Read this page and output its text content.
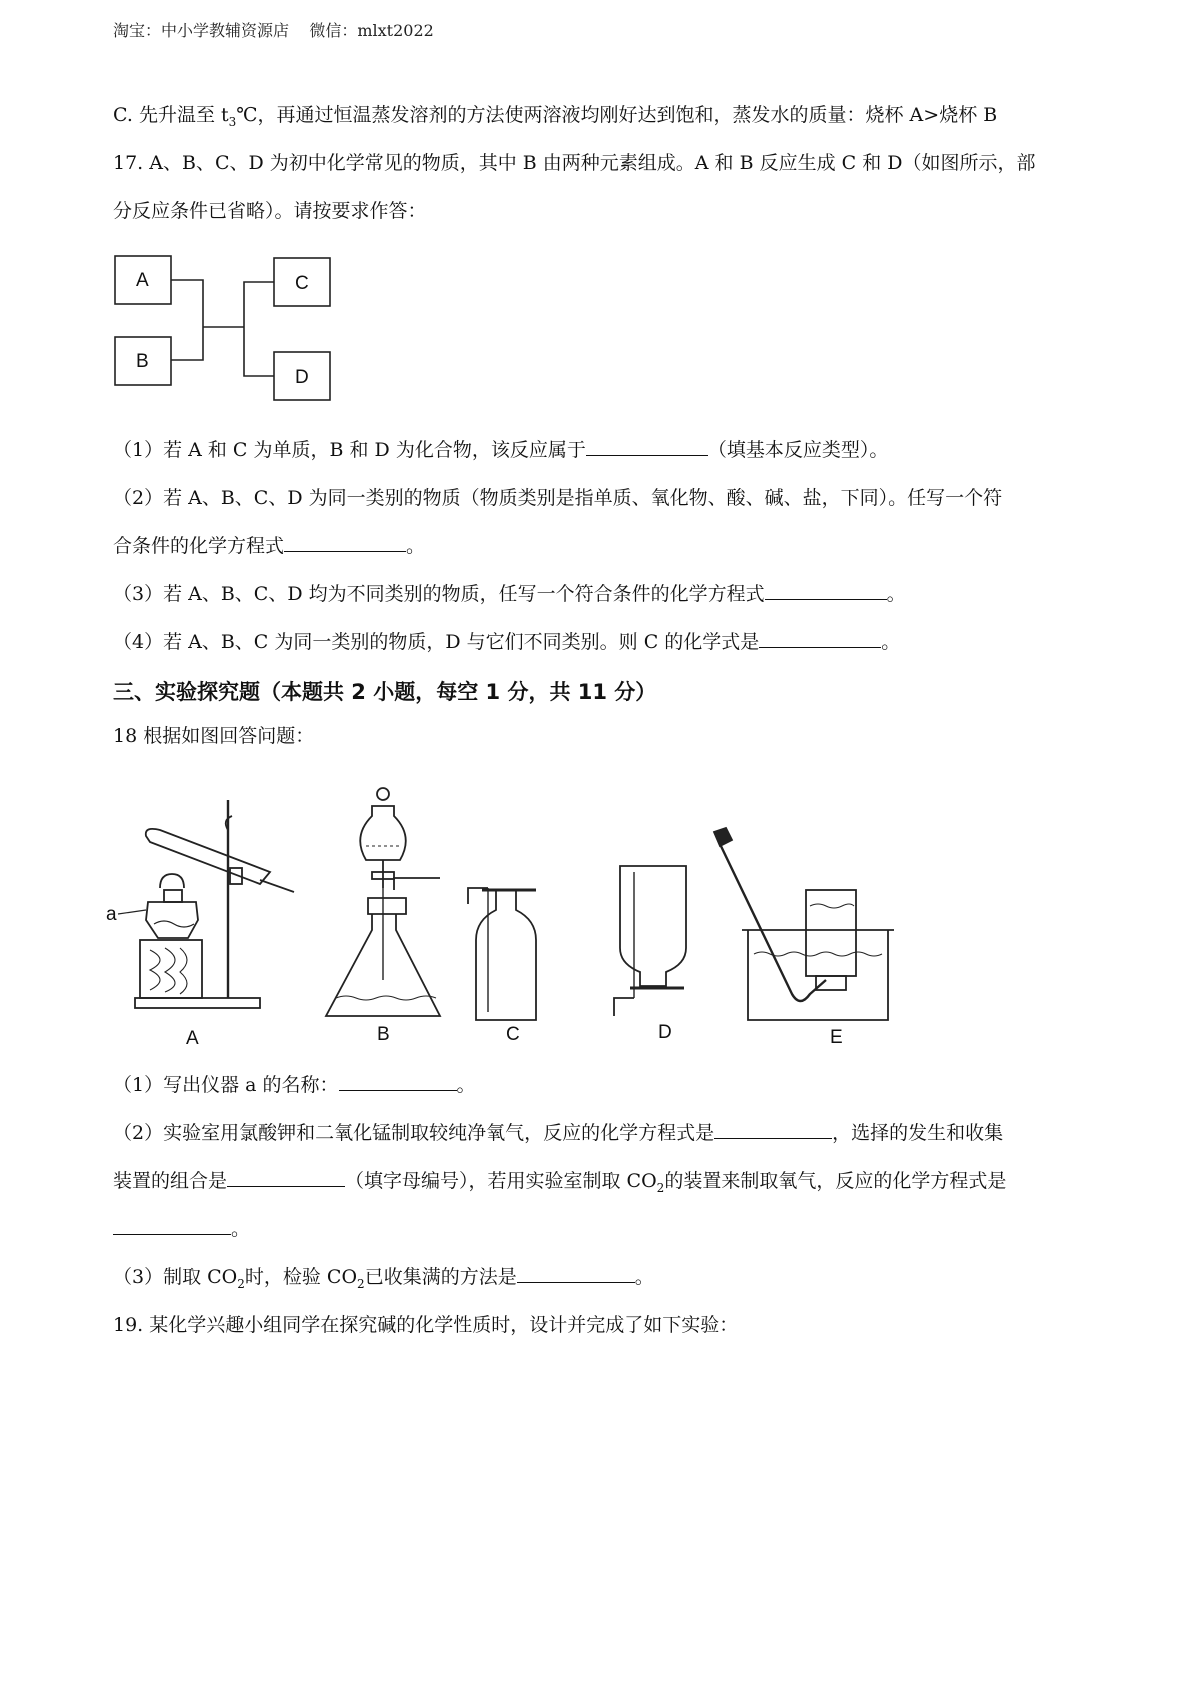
淘宝：中小学教辅资源店    微信：mlxt2022
C. 先升温至 $t_3℃$，再通过恒温蒸发溶剂的方法使两溶液均刚好达到饱和，蒸发水的质量：烧杯 A>烧杯 B
17. A、B、C、D 为初中化学常见的物质，其中 B 由两种元素组成。A 和 B 反应生成 C 和 D（如图所示，部
分反应条件已省略）。请按要求作答：
A
B
C
D
（1）若 A 和 C 为单质，B 和 D 为化合物，该反应属于	（填基本反应类型）。
（2）若 A、B、C、D 为同一类别的物质（物质类别是指单质、氧化物、酸、碱、盐，下同）。任写一个符
合条件的化学方程式	。
（3）若 A、B、C、D 均为不同类别的物质，任写一个符合条件的化学方程式	。
（4）若 A、B、C 为同一类别的物质，D 与它们不同类别。则 C 的化学式是	。
三、实验探究题（本题共 2 小题，每空 1 分，共 11 分）
18 根据如图回答问题：
a
A	B	C	D	E
（1）写出仪器 a 的名称：	。
（2）实验室用氯酸钾和二氧化锰制取较纯净氧气，反应的化学方程式是	，选择的发生和收集
装置的组合是	（填字母编号），若用实验室制取 $CO_2$的装置来制取氧气，反应的化学方程式是
。
（3）制取 $CO_2$时，检验 $CO_2$已收集满的方法是	。
19. 某化学兴趣小组同学在探究碱的化学性质时，设计并完成了如下实验：
